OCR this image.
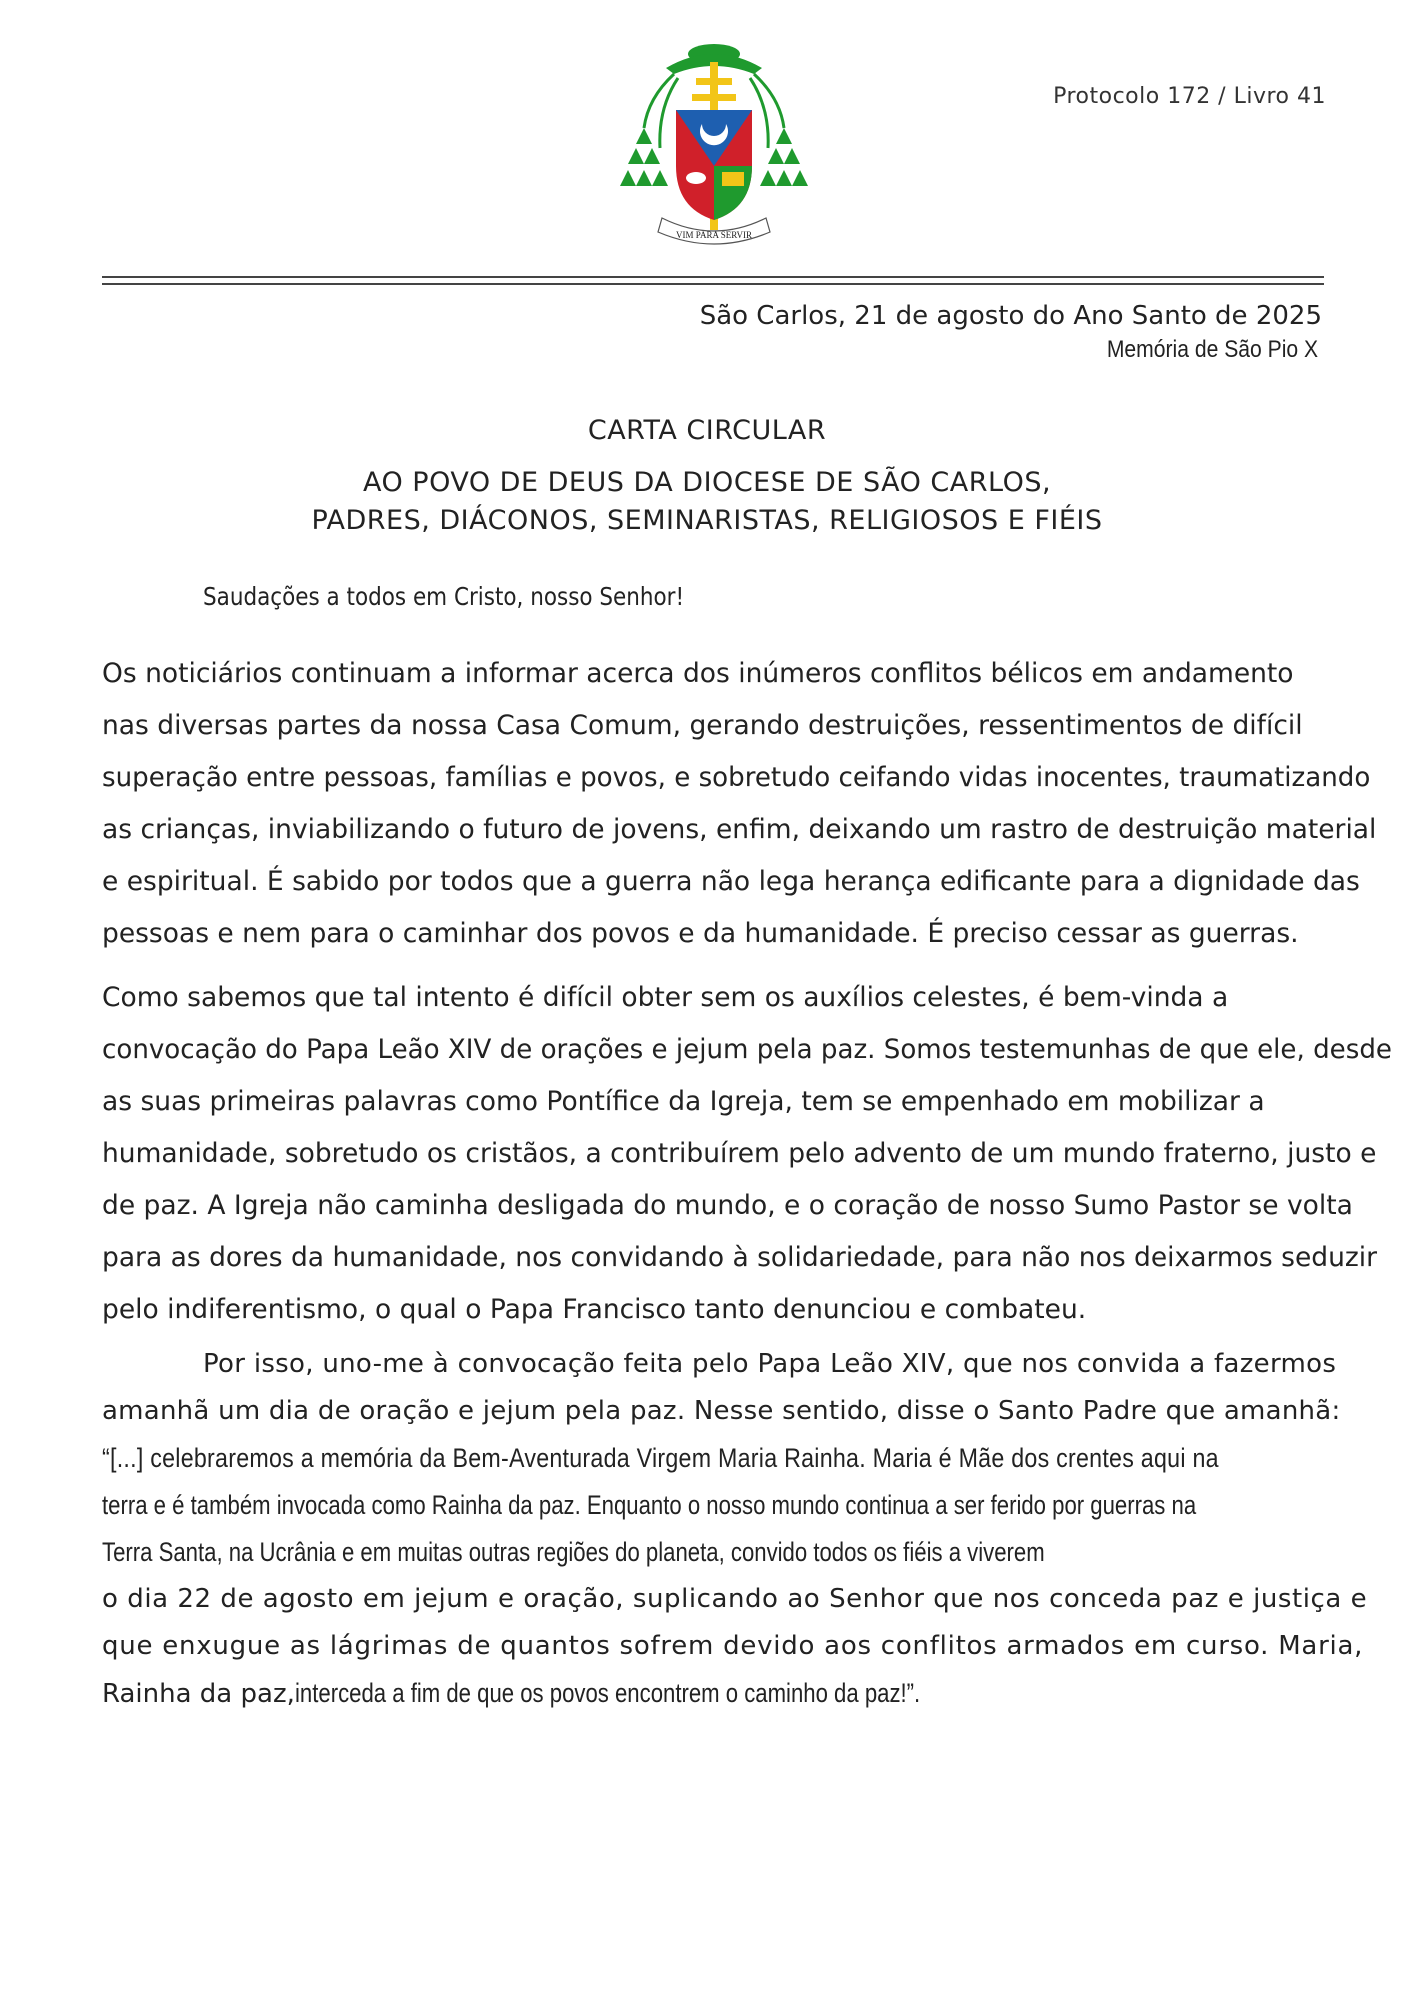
VIM PARA SERVIR
Protocolo 172 / Livro 41
São Carlos, 21 de agosto do Ano Santo de 2025
Memória de São Pio X
CARTA CIRCULAR
AO POVO DE DEUS DA DIOCESE DE SÃO CARLOS,
PADRES, DIÁCONOS, SEMINARISTAS, RELIGIOSOS E FIÉIS
Saudações a todos em Cristo, nosso Senhor!
Os noticiários continuam a informar acerca dos inúmeros conflitos bélicos em andamento
nas diversas partes da nossa Casa Comum, gerando destruições, ressentimentos de difícil
superação entre pessoas, famílias e povos, e sobretudo ceifando vidas inocentes, traumatizando
as crianças, inviabilizando o futuro de jovens, enfim, deixando um rastro de destruição material
e espiritual. É sabido por todos que a guerra não lega herança edificante para a dignidade das
pessoas e nem para o caminhar dos povos e da humanidade. É preciso cessar as guerras.
Como sabemos que tal intento é difícil obter sem os auxílios celestes, é bem-vinda a
convocação do Papa Leão XIV de orações e jejum pela paz. Somos testemunhas de que ele, desde
as suas primeiras palavras como Pontífice da Igreja, tem se empenhado em mobilizar a
humanidade, sobretudo os cristãos, a contribuírem pelo advento de um mundo fraterno, justo e
de paz. A Igreja não caminha desligada do mundo, e o coração de nosso Sumo Pastor se volta
para as dores da humanidade, nos convidando à solidariedade, para não nos deixarmos seduzir
pelo indiferentismo, o qual o Papa Francisco tanto denunciou e combateu.
Por isso, uno-me à convocação feita pelo Papa Leão XIV, que nos convida a fazermos
amanhã um dia de oração e jejum pela paz. Nesse sentido, disse o Santo Padre que amanhã:
“[...] celebraremos a memória da Bem-Aventurada Virgem Maria Rainha. Maria é Mãe dos crentes aqui na
terra e é também invocada como Rainha da paz. Enquanto o nosso mundo continua a ser ferido por guerras na
Terra Santa, na Ucrânia e em muitas outras regiões do planeta, convido todos os fiéis a viverem
o dia 22 de agosto em jejum e oração, suplicando ao Senhor que nos conceda paz e justiça e
que enxugue as lágrimas de quantos sofrem devido aos conflitos armados em curso. Maria,
Rainha da paz,interceda a fim de que os povos encontrem o caminho da paz!”.
